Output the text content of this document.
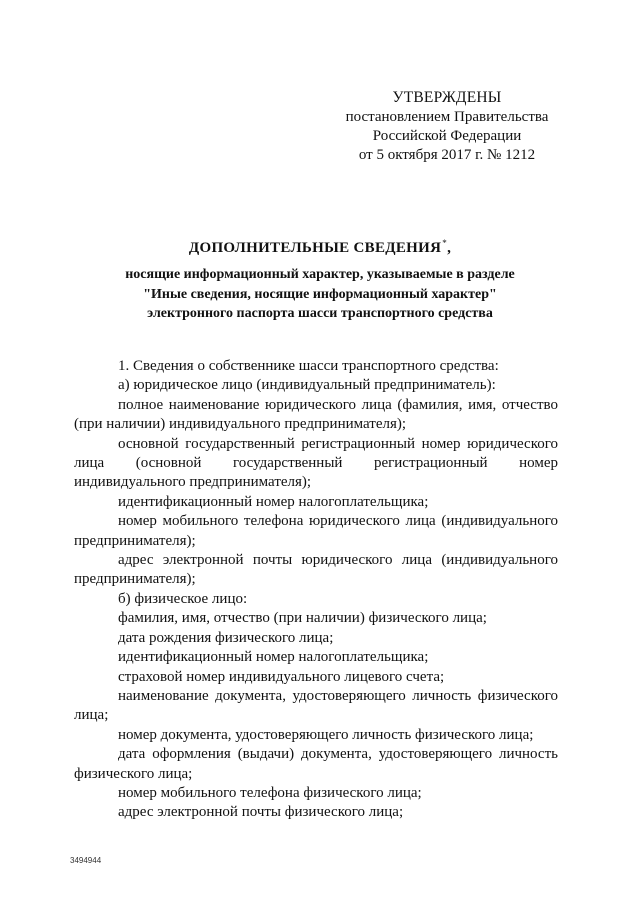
УТВЕРЖДЕНЫ
постановлением Правительства
Российской Федерации
от 5 октября 2017 г. № 1212
ДОПОЛНИТЕЛЬНЫЕ СВЕДЕНИЯ*,
носящие информационный характер, указываемые в разделе
"Иные сведения, носящие информационный характер"
электронного паспорта шасси транспортного средства

1. Сведения о собственнике шасси транспортного средства:

а) юридическое лицо (индивидуальный предприниматель):

полное наименование юридического лица (фамилия, имя, отчество (при наличии) индивидуального предпринимателя);

основной государственный регистрационный номер юридического лица (основной государственный регистрационный номер индивидуального предпринимателя);

идентификационный номер налогоплательщика;

номер мобильного телефона юридического лица (индивидуального предпринимателя);

адрес электронной почты юридического лица (индивидуального предпринимателя);

б) физическое лицо:

фамилия, имя, отчество (при наличии) физического лица;

дата рождения физического лица;

идентификационный номер налогоплательщика;

страховой номер индивидуального лицевого счета;

наименование документа, удостоверяющего личность физического лица;

номер документа, удостоверяющего личность физического лица;

дата оформления (выдачи) документа, удостоверяющего личность физического лица;

номер мобильного телефона физического лица;

адрес электронной почты физического лица;

3494944
